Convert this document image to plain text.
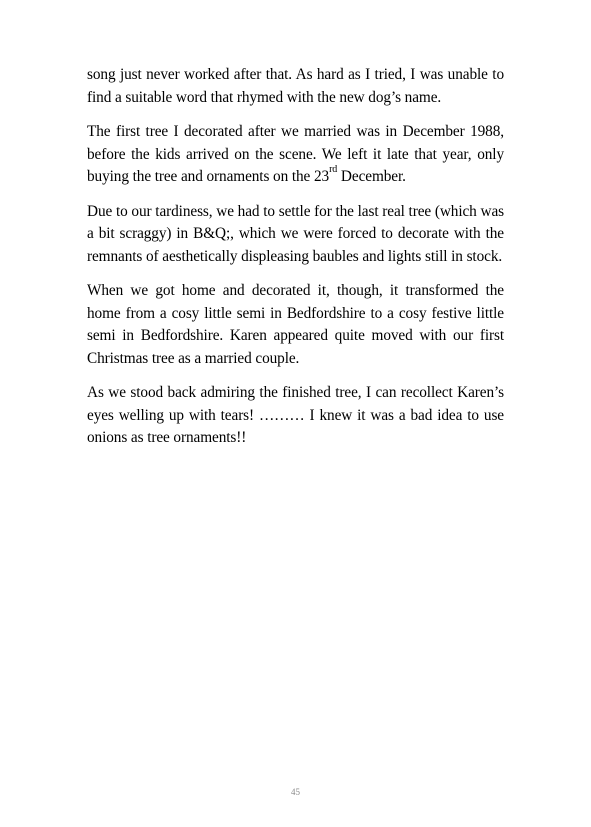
song just never worked after that. As hard as I tried, I was unable to find a suitable word that rhymed with the new dog’s name.

The first tree I decorated after we married was in December 1988, before the kids arrived on the scene. We left it late that year, only buying the tree and ornaments on the 23rd December.

Due to our tardiness, we had to settle for the last real tree (which was a bit scraggy) in B&Q;, which we were forced to decorate with the remnants of aesthetically displeasing baubles and lights still in stock.

When we got home and decorated it, though, it transformed the home from a cosy little semi in Bedfordshire to a cosy festive little semi in Bedfordshire. Karen appeared quite moved with our first Christmas tree as a married couple.

As we stood back admiring the finished tree, I can recollect Karen’s eyes welling up with tears! ……… I knew it was a bad idea to use onions as tree ornaments!!

45
